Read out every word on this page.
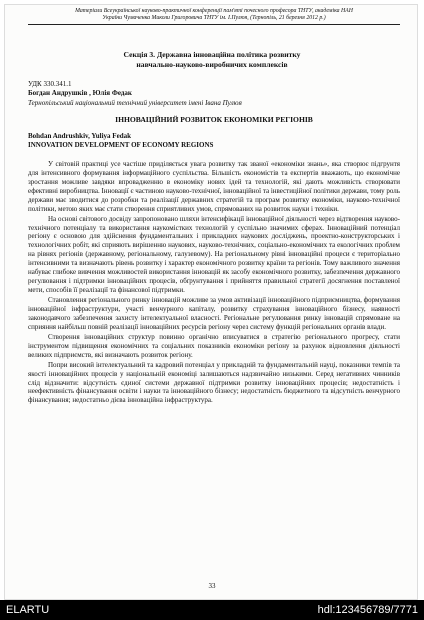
Матеріали Всеукраїнської науково-практичної конференції пам'яті почесного професора ТНТУ, академіка НАН
України Чумаченка Миколи Григоровича ТНТУ ім. І.Пулюя, (Тернопіль, 21 березня 2012 р.)
Секція 3. Державна інноваційна політика розвитку
навчально-науково-виробничих комплексів
УДК 330.341.1
Богдан Андрушків , Юлія Федак
Тернопільський національний технічний університет імені Івана Пулюя
ІННОВАЦІЙНИЙ РОЗВИТОК ЕКОНОМІКИ РЕГІОНІВ
Bohdan Andrushkiv, Yuliya Fedak
INNOVATION DEVELOPMENT OF ECONOMY REGIONS

У світовій практиці усе частіше приділяється увага розвитку так званої «економіки знань», яка створює підгрунтя для інтенсивного формування інформаційного суспільства. Більшість економістів та експертів вважають, що економічне зростання можливе завдяки впровадженню в економіку нових ідей та технологій, які дають можливість створювати ефективні виробництва. Інновації є частиною науково-технічної, інноваційної та інвестиційної політики держави, тому роль держави має зводитися до розробки та реалізації державних стратегій та програм розвитку економіки, науково-технічної політики, метою яких має стати створення сприятливих умов, спрямованих на розвиток науки і техніки.

На основі світового досвіду запропоновано шляхи інтенсифікації інноваційної діяльності через відтворення науково-технічного потенціалу та використання наукомістких технологій у суспільно значимих сферах. Інноваційний потенціал регіону є основою для здійснення фундаментальних і прикладних наукових досліджень, проектно-конструкторських і технологічних робіт, які сприяють вирішенню наукових, науково-технічних, соціально-економічних та екологічних проблем на рівнях регіонів (державному, регіональному, галузевому). На регіональному рівні інноваційні процеси є територіально інтенсивними та визначають рівень розвитку і характер економічного розвитку країни та регіонів. Тому важливого значення набуває глибоке вивчення можливостей використання інновацій як засобу економічного розвитку, забезпечення державного регулювання і підтримки інноваційних процесів, обґрунтування і прийняття правильної стратегії досягнення поставленої мети, способів її реалізації та фінансової підтримки.

Становлення регіонального ринку інновацій можливе за умов активізації інноваційного підприємництва, формування інноваційної інфраструктури, участі венчурного капіталу, розвитку страхування інноваційного бізнесу, наявності законодавчого забезпечення захисту інтелектуальної власності. Регіональне регулювання ринку інновацій спрямоване на сприяння найбільш повній реалізації інноваційних ресурсів регіону через систему функцій регіональних органів влади.

Створення інноваційних структур повинно органічно вписуватися в стратегію регіонального прогресу, стати інструментом підвищення економічних та соціальних показників економіки регіону за рахунок відновлення діяльності великих підприємств, які визначають розвиток регіону.

Попри високий інтелектуальний та кадровий потенціал у прикладній та фундаментальній науці, показники темпів та якості інноваційних процесів у національній економіці залишаються надзвичайно низькими. Серед негативних чинників слід відзначити: відсутність єдиної системи державної підтримки розвитку інноваційних процесів; недостатність і неефективність фінансування освіти і науки та інноваційного бізнесу; недостатність бюджетного та відсутність венчурного фінансування; недостатньо дієва інноваційна інфраструктура.

33
ELARTU	hdl:123456789/7771
